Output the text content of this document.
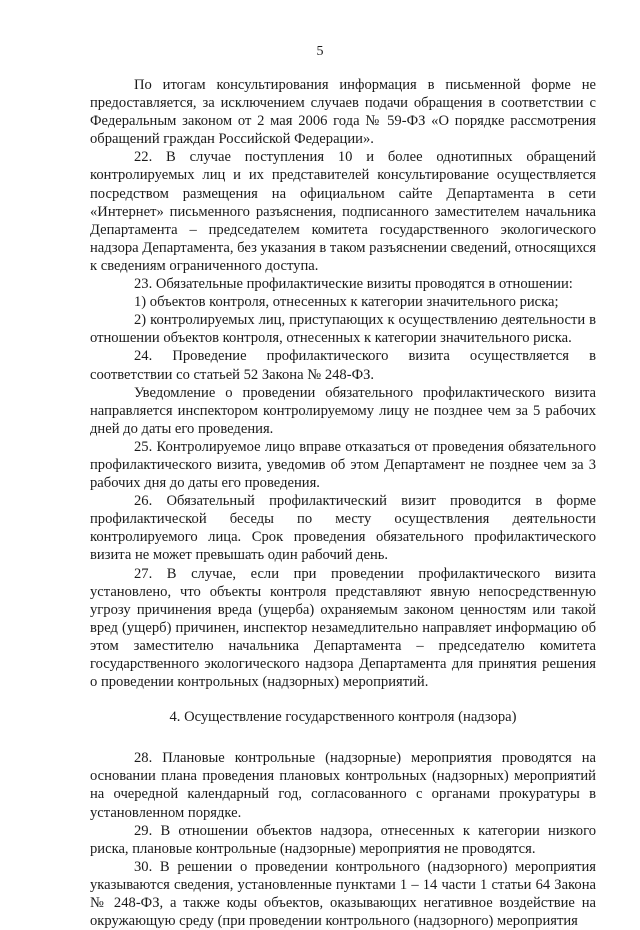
5

По итогам консультирования информация в письменной форме не предоставляется, за исключением случаев подачи обращения в соответствии с Федеральным законом от 2 мая 2006 года № 59-ФЗ «О порядке рассмотрения обращений граждан Российской Федерации».

22. В случае поступления 10 и более однотипных обращений контролируемых лиц и их представителей консультирование осуществляется посредством размещения на официальном сайте Департамента в сети «Интернет» письменного разъяснения, подписанного заместителем начальника Департамента – председателем комитета государственного экологического надзора Департамента, без указания в таком разъяснении сведений, относящихся к сведениям ограниченного доступа.

23. Обязательные профилактические визиты проводятся в отношении:

1) объектов контроля, отнесенных к категории значительного риска;

2) контролируемых лиц, приступающих к осуществлению деятельности в отношении объектов контроля, отнесенных к категории значительного риска.

24. Проведение профилактического визита осуществляется в соответствии со статьей 52 Закона № 248-ФЗ.

Уведомление о проведении обязательного профилактического визита направляется инспектором контролируемому лицу не позднее чем за 5 рабочих дней до даты его проведения.

25. Контролируемое лицо вправе отказаться от проведения обязательного профилактического визита, уведомив об этом Департамент не позднее чем за 3 рабочих дня до даты его проведения.

26. Обязательный профилактический визит проводится в форме профилактической беседы по месту осуществления деятельности контролируемого лица. Срок проведения обязательного профилактического визита не может превышать один рабочий день.

27. В случае, если при проведении профилактического визита установлено, что объекты контроля представляют явную непосредственную угрозу причинения вреда (ущерба) охраняемым законом ценностям или такой вред (ущерб) причинен, инспектор незамедлительно направляет информацию об этом заместителю начальника Департамента – председателю комитета государственного экологического надзора Департамента для принятия решения о проведении контрольных (надзорных) мероприятий.

4. Осуществление государственного контроля (надзора)

28. Плановые контрольные (надзорные) мероприятия проводятся на основании плана проведения плановых контрольных (надзорных) мероприятий на очередной календарный год, согласованного с органами прокуратуры в установленном порядке.

29. В отношении объектов надзора, отнесенных к категории низкого риска, плановые контрольные (надзорные) мероприятия не проводятся.

30. В решении о проведении контрольного (надзорного) мероприятия указываются сведения, установленные пунктами 1 – 14 части 1 статьи 64 Закона № 248-ФЗ, а также коды объектов, оказывающих негативное воздействие на окружающую среду (при проведении контрольного (надзорного) мероприятия
